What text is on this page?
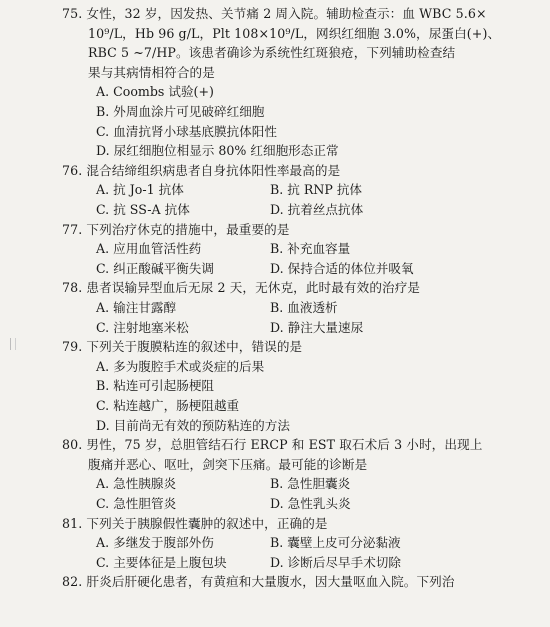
75. 女性，32 岁，因发热、关节痛 2 周入院。辅助检查示：血 WBC 5.6×
10⁹/L，Hb 96 g/L，Plt 108×10⁹/L，网织红细胞 3.0%，尿蛋白(+)、
RBC 5 ~7/HP。该患者确诊为系统性红斑狼疮，下列辅助检查结
果与其病情相符合的是
A. Coombs 试验(+)
B. 外周血涂片可见破碎红细胞
C. 血清抗肾小球基底膜抗体阳性
D. 尿红细胞位相显示 80% 红细胞形态正常
76. 混合结缔组织病患者自身抗体阳性率最高的是
A. 抗 Jo-1 抗体	B. 抗 RNP 抗体
C. 抗 SS-A 抗体	D. 抗着丝点抗体
77. 下列治疗休克的措施中，最重要的是
A. 应用血管活性药	B. 补充血容量
C. 纠正酸碱平衡失调	D. 保持合适的体位并吸氧
78. 患者误输异型血后无尿 2 天，无休克，此时最有效的治疗是
A. 输注甘露醇	B. 血液透析
C. 注射地塞米松	D. 静注大量速尿
79. 下列关于腹膜粘连的叙述中，错误的是
A. 多为腹腔手术或炎症的后果
B. 粘连可引起肠梗阻
C. 粘连越广，肠梗阻越重
D. 目前尚无有效的预防粘连的方法
80. 男性，75 岁，总胆管结石行 ERCP 和 EST 取石术后 3 小时，出现上
腹痛并恶心、呕吐，剑突下压痛。最可能的诊断是
A. 急性胰腺炎	B. 急性胆囊炎
C. 急性胆管炎	D. 急性乳头炎
81. 下列关于胰腺假性囊肿的叙述中，正确的是
A. 多继发于腹部外伤	B. 囊壁上皮可分泌黏液
C. 主要体征是上腹包块	D. 诊断后尽早手术切除
82. 肝炎后肝硬化患者，有黄疸和大量腹水，因大量呕血入院。下列治
